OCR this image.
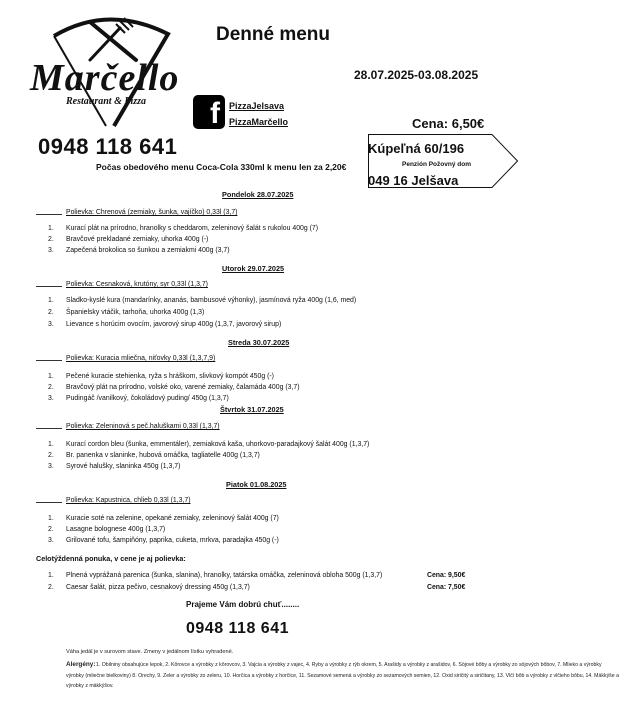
Marčello
Restaurant & Pizza
Denné menu
28.07.2025-03.08.2025
f	PizzaJelsava
PizzaMarčello	Cena: 6,50€
0948 118 641
Počas obedového menu Coca-Cola 330ml k menu len za 2,20€
Kúpeľná 60/196
Penzión Požovný dom
049 16 Jelšava
Pondelok 28.07.2025
Polievka: Chrenová (zemiaky, šunka, vajíčko) 0,33l (3,7)
1. Kurací plát na prírodno, hranolky s cheddarom, zeleninový šalát s rukolou 400g (7)
2. Bravčové prekladané zemiaky, uhorka 400g (-)
3. Zapečená brokolica so šunkou a zemiakmi 400g (3,7)
Utorok 29.07.2025
Polievka: Cesnaková, krutóny, syr 0,33l (1,3,7)
1. Sladko-kyslé kura (mandarínky, ananás, bambusové výhonky), jasmínová ryža 400g (1,6, med)
2. Španielsky vtáčik, tarhoňa, uhorka 400g (1,3)
3. Lievance s horúcim ovocím, javorový sirup 400g (1,3,7, javorový sirup)
Streda 30.07.2025
Polievka: Kuracia mliečna, niťovky 0,33l (1,3,7,9)
1. Pečené kuracie stehienka, ryža s hráškom, slivkový kompót 450g (-)
2. Bravčový plát na prírodno, volské oko, varené zemiaky, čalamáda 400g (3,7)
3. Pudingáč /vanilkový, čokoládový puding/ 450g (1,3,7)
Štvrtok 31.07.2025
Polievka: Zeleninová s peč.haluškami 0,33l (1,3,7)
1. Kurací cordon bleu (šunka, emmentáler), zemiaková kaša, uhorkovo-paradajkový šalát 400g (1,3,7)
2. Br. panenka v slaninke, hubová omáčka, tagliatelle 400g (1,3,7)
3. Syrové halušky, slaninka 450g (1,3,7)
Piatok 01.08.2025
Polievka: Kapustnica, chlieb 0,33l (1,3,7)
1. Kuracie soté na zelenine, opekané zemiaky, zeleninový šalát 400g (7)
2. Lasagne bolognese 400g (1,3,7)
3. Grilované tofu, šampiňóny, paprika, cuketa, mrkva, paradajka 450g (-)
Celotýždenná ponuka, v cene je aj polievka:
1. Plnená vyprážaná parenica (šunka, slanina), hranolky, tatárska omáčka, zeleninová obloha 500g (1,3,7)	Cena: 9,50€
2. Caesar šalát, pizza pečivo, cesnakový dressing 450g (1,3,7)	Cena: 7,50€
Prajeme Vám dobrú chuť........
0948 118 641
Váha jedál je v surovom stave. Zmeny v jedálnom lístku vyhradené.
Alergény: 1. Obilniny obsahujúce lepok, 2. Kôrovce a výrobky z kôrovcov, 3. Vajcia a výrobky z vajec, 4. Ryby a výrobky z rýb okrem, 5. Arašidy a výrobky z arašidov, 6. Sójové bôby a výrobky zo sójových bôbov, 7. Mlieko a výrobky
výrobky (mliečne bielkoviny) 8. Orechy, 9. Zeler a výrobky zo zeleru, 10. Horčica a výrobky z horčice, 11. Sezamové semená a výrobky zo sezamových semien, 12. Oxid siričitý a siričitany, 13. Vlčí bôb a výrobky z vlčieho bôbu, 14. Mäkkýše a
výrobky z mäkkýšov.
